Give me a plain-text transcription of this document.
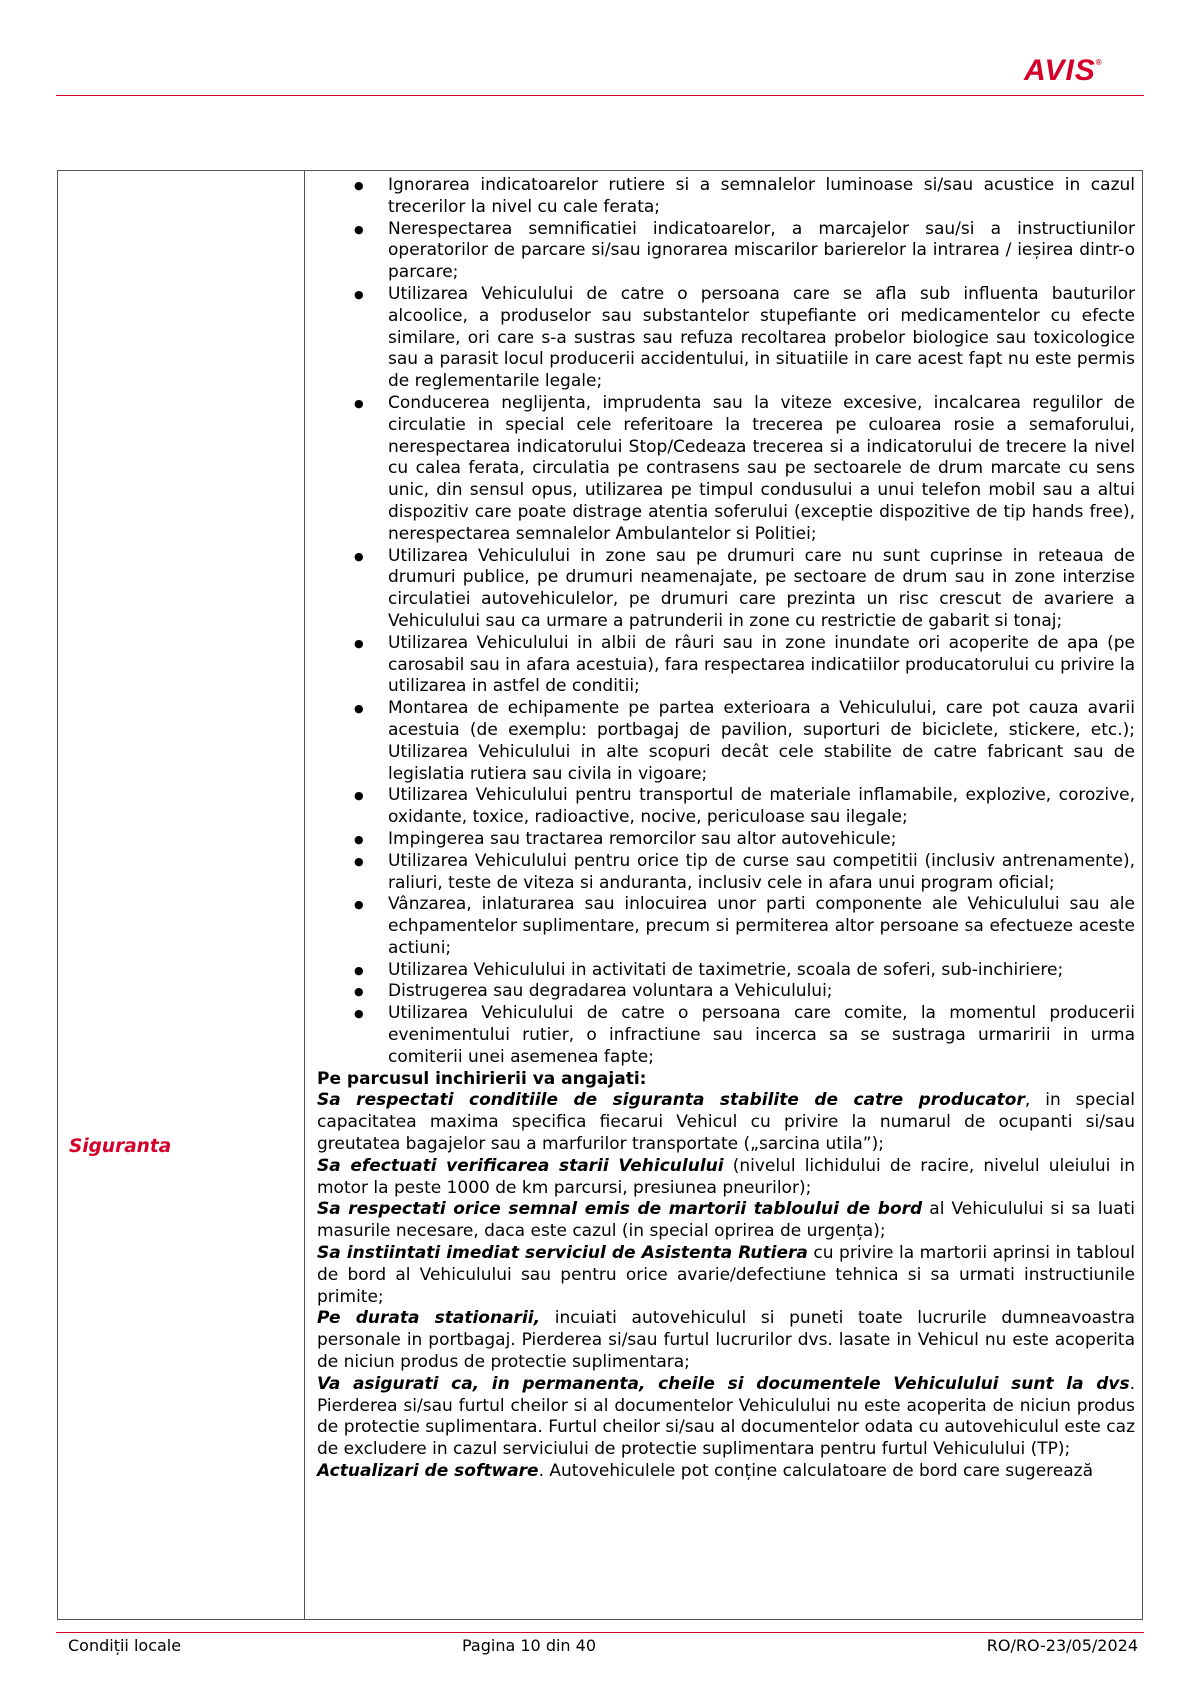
AVIS®
Siguranta
● Ignorarea indicatoarelor rutiere si a semnalelor luminoase si/sau acustice in cazul trecerilor la nivel cu cale ferata;
● Nerespectarea semnificatiei indicatoarelor, a marcajelor sau/si a instructiunilor operatorilor de parcare si/sau ignorarea miscarilor barierelor la intrarea / ieșirea dintr-o parcare;
● Utilizarea Vehiculului de catre o persoana care se afla sub influenta bauturilor alcoolice, a produselor sau substantelor stupefiante ori medicamentelor cu efecte similare, ori care s-a sustras sau refuza recoltarea probelor biologice sau toxicologice sau a parasit locul producerii accidentului, in situatiile in care acest fapt nu este permis de reglementarile legale;
● Conducerea neglijenta, imprudenta sau la viteze excesive, incalcarea regulilor de circulatie in special cele referitoare la trecerea pe culoarea rosie a semaforului, nerespectarea indicatorului Stop/Cedeaza trecerea si a indicatorului de trecere la nivel cu calea ferata, circulatia pe contrasens sau pe sectoarele de drum marcate cu sens unic, din sensul opus, utilizarea pe timpul condusului a unui telefon mobil sau a altui dispozitiv care poate distrage atentia soferului (exceptie dispozitive de tip hands free), nerespectarea semnalelor Ambulantelor si Politiei;
● Utilizarea Vehiculului in zone sau pe drumuri care nu sunt cuprinse in reteaua de drumuri publice, pe drumuri neamenajate, pe sectoare de drum sau in zone interzise circulatiei autovehiculelor, pe drumuri care prezinta un risc crescut de avariere a Vehiculului sau ca urmare a patrunderii in zone cu restrictie de gabarit si tonaj;
● Utilizarea Vehiculului in albii de râuri sau in zone inundate ori acoperite de apa (pe carosabil sau in afara acestuia), fara respectarea indicatiilor producatorului cu privire la utilizarea in astfel de conditii;
● Montarea de echipamente pe partea exterioara a Vehiculului, care pot cauza avarii acestuia (de exemplu: portbagaj de pavilion, suporturi de biciclete, stickere, etc.); Utilizarea Vehiculului in alte scopuri decât cele stabilite de catre fabricant sau de legislatia rutiera sau civila in vigoare;
● Utilizarea Vehiculului pentru transportul de materiale inflamabile, explozive, corozive, oxidante, toxice, radioactive, nocive, periculoase sau ilegale;
● Impingerea sau tractarea remorcilor sau altor autovehicule;
● Utilizarea Vehiculului pentru orice tip de curse sau competitii (inclusiv antrenamente), raliuri, teste de viteza si anduranta, inclusiv cele in afara unui program oficial;
● Vânzarea, inlaturarea sau inlocuirea unor parti componente ale Vehiculului sau ale echpamentelor suplimentare, precum si permiterea altor persoane sa efectueze aceste actiuni;
● Utilizarea Vehiculului in activitati de taximetrie, scoala de soferi, sub-inchiriere;
● Distrugerea sau degradarea voluntara a Vehiculului;
● Utilizarea Vehiculului de catre o persoana care comite, la momentul producerii evenimentului rutier, o infractiune sau incerca sa se sustraga urmaririi in urma comiterii unei asemenea fapte;

Pe parcusul inchirierii va angajati:

Sa respectati conditiile de siguranta stabilite de catre producator, in special capacitatea maxima specifica fiecarui Vehicul cu privire la numarul de ocupanti si/sau greutatea bagajelor sau a marfurilor transportate („sarcina utila”);

Sa efectuati verificarea starii Vehiculului (nivelul lichidului de racire, nivelul uleiului in motor la peste 1000 de km parcursi, presiunea pneurilor);

Sa respectati orice semnal emis de martorii tabloului de bord al Vehiculului si sa luati masurile necesare, daca este cazul (in special oprirea de urgența);

Sa instiintati imediat serviciul de Asistenta Rutiera cu privire la martorii aprinsi in tabloul de bord al Vehiculului sau pentru orice avarie/defectiune tehnica si sa urmati instructiunile primite;

Pe durata stationarii, incuiati autovehiculul si puneti toate lucrurile dumneavoastra personale in portbagaj. Pierderea si/sau furtul lucrurilor dvs. lasate in Vehicul nu este acoperita de niciun produs de protectie suplimentara;

Va asigurati ca, in permanenta, cheile si documentele Vehiculului sunt la dvs. Pierderea si/sau furtul cheilor si al documentelor Vehiculului nu este acoperita de niciun produs de protectie suplimentara. Furtul cheilor si/sau al documentelor odata cu autovehiculul este caz de excludere in cazul serviciului de protectie suplimentara pentru furtul Vehiculului (TP);

Actualizari de software. Autovehiculele pot conține calculatoare de bord care sugerează

Condiții locale	Pagina 10 din 40	RO/RO-23/05/2024
